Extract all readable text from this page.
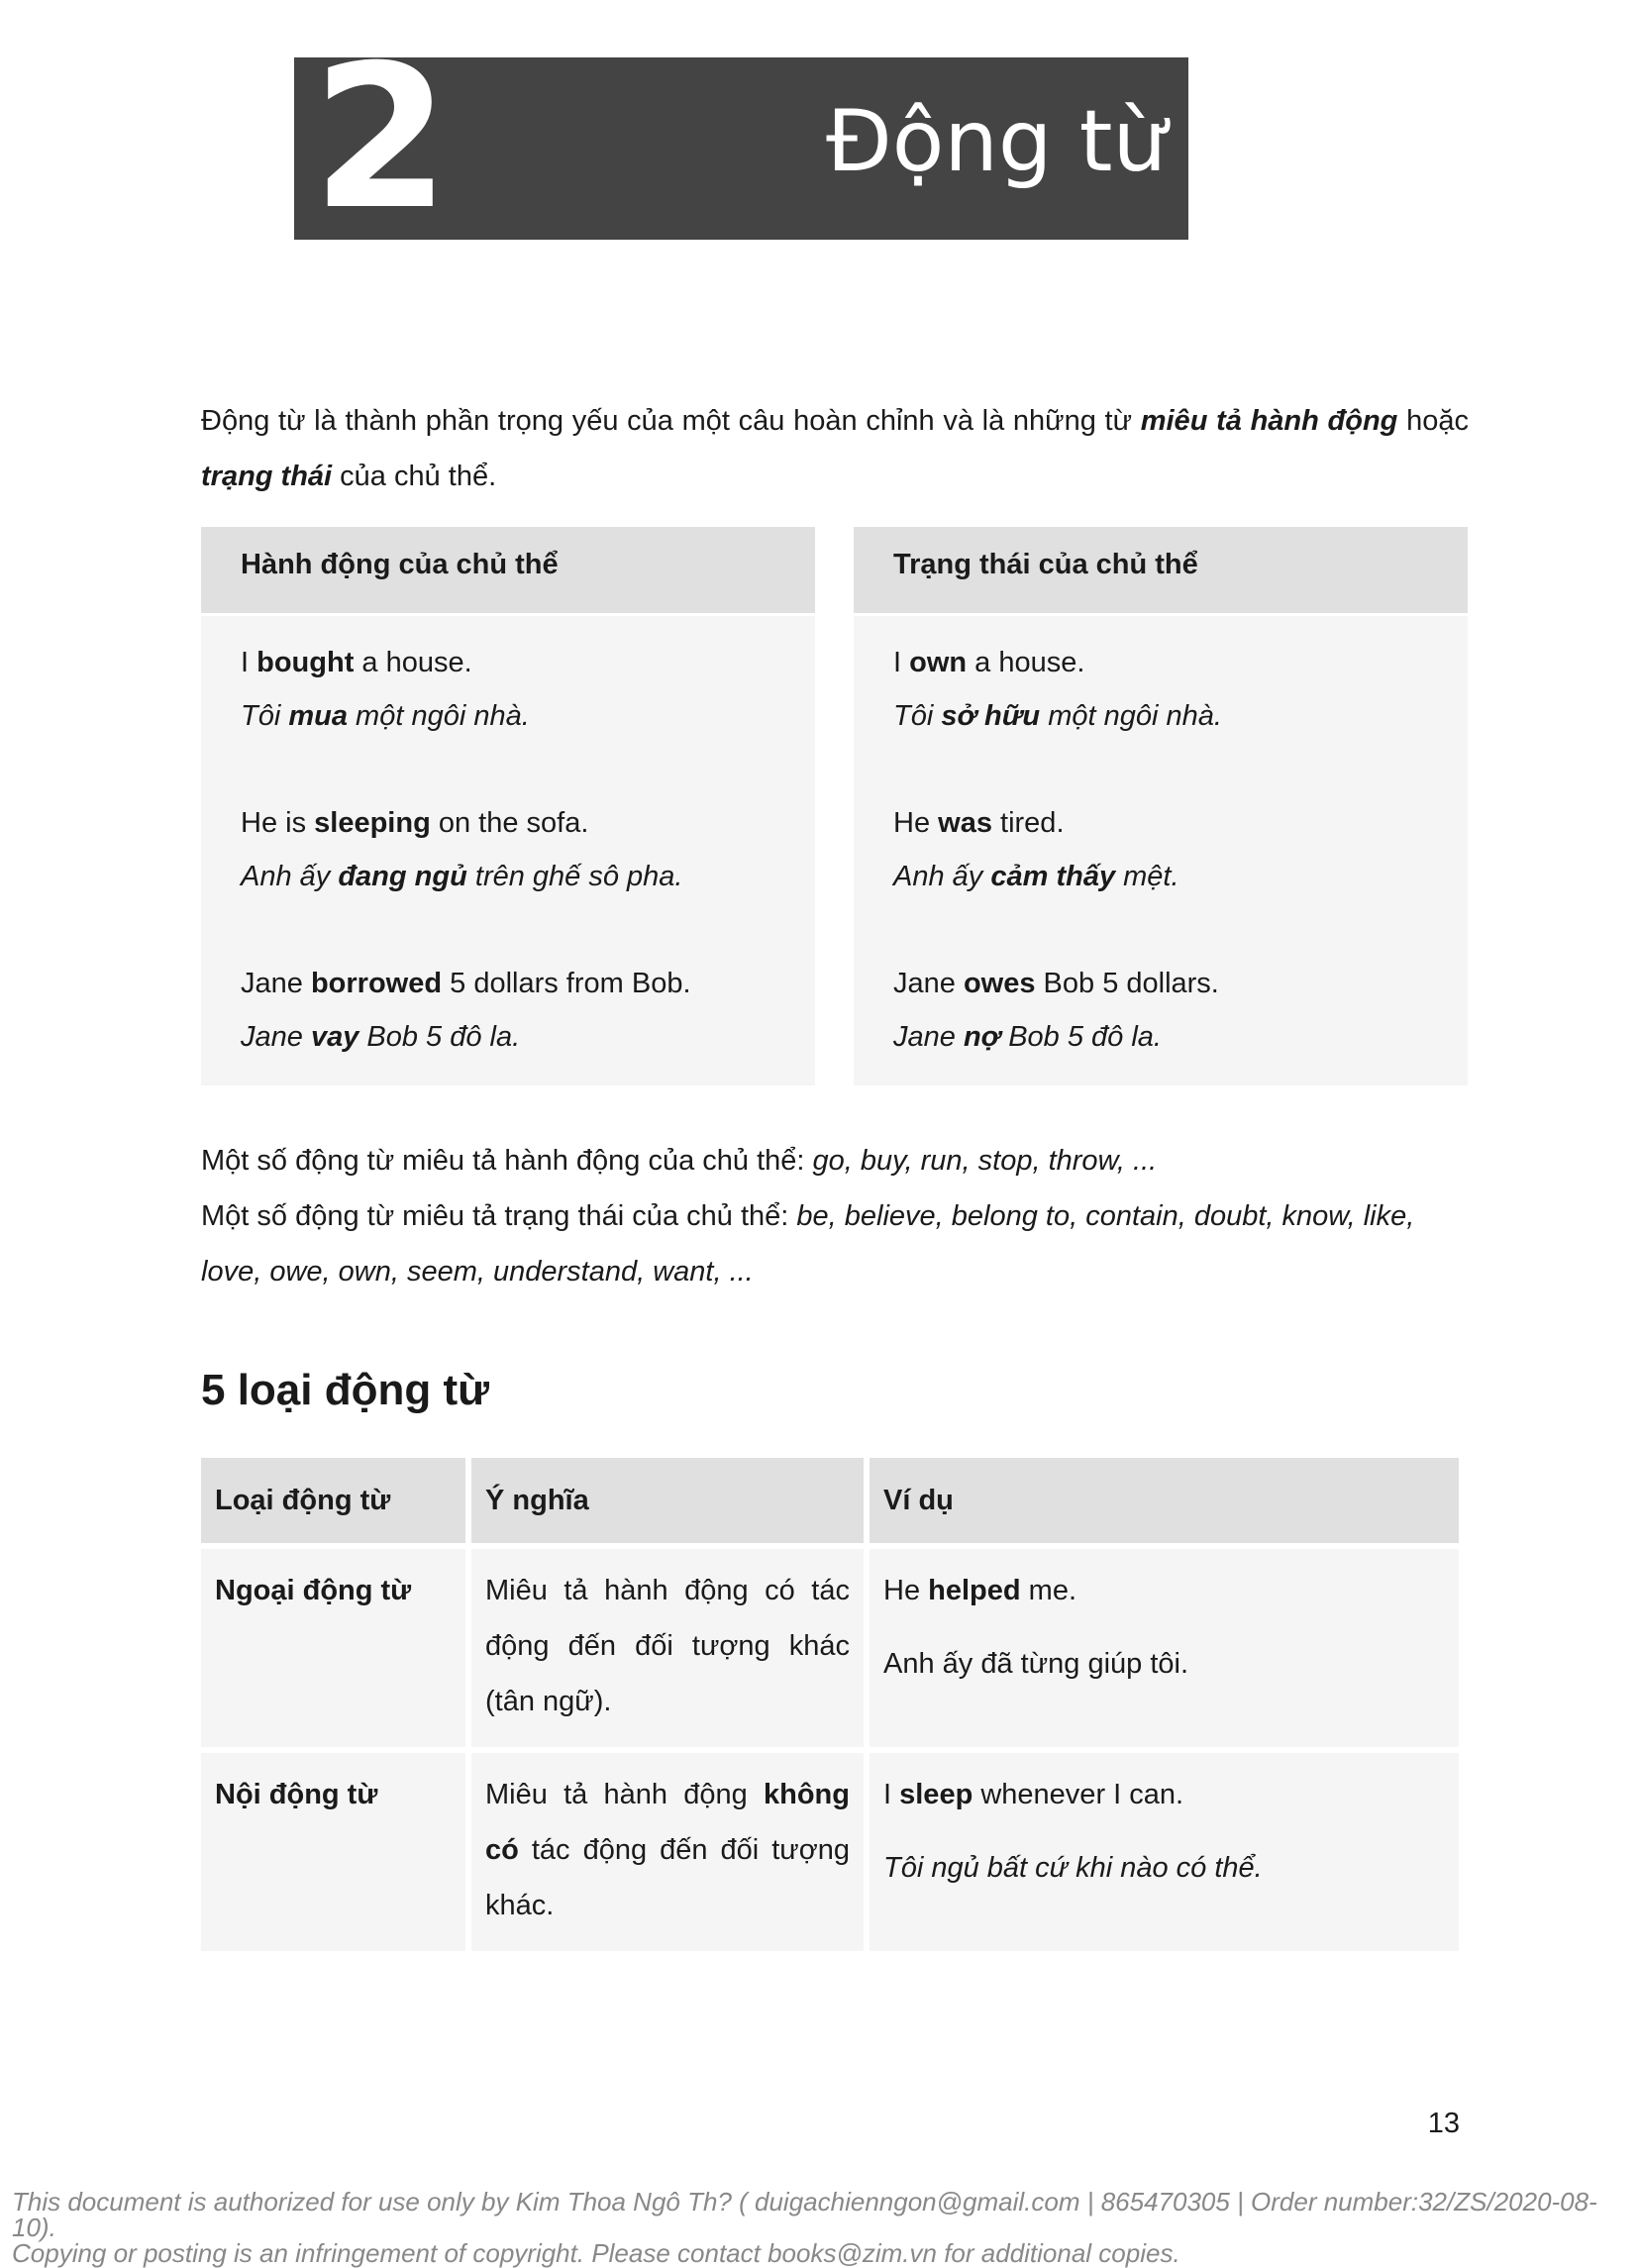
2	Động từ
Động từ là thành phần trọng yếu của một câu hoàn chỉnh và là những từ miêu tả hành động hoặc trạng thái của chủ thể.
Hành động của chủ thể
I bought a house.
Tôi mua một ngôi nhà.
He is sleeping on the sofa.
Anh ấy đang ngủ trên ghế sô pha.
Jane borrowed 5 dollars from Bob.
Jane vay Bob 5 đô la.
Trạng thái của chủ thể
I own a house.
Tôi sở hữu một ngôi nhà.
He was tired.
Anh ấy cảm thấy mệt.
Jane owes Bob 5 dollars.
Jane nợ Bob 5 đô la.
Một số động từ miêu tả hành động của chủ thể: go, buy, run, stop, throw, ...
Một số động từ miêu tả trạng thái của chủ thể: be, believe, belong to, contain, doubt, know, like, love, owe, own, seem, understand, want, ...
5 loại động từ
Loại động từ	Ý nghĩa	Ví dụ
Ngoại động từ	Miêu tả hành động có tác động đến đối tượng khác (tân ngữ).	He helped me.
Anh ấy đã từng giúp tôi.

Nội động từ	Miêu tả hành động không có tác động đến đối tượng khác.	I sleep whenever I can.
Tôi ngủ bất cứ khi nào có thể.
13
This document is authorized for use only by Kim Thoa Ngô Th? ( duigachienngon@gmail.com | 865470305 | Order number:32/ZS/2020-08-10).
Copying or posting is an infringement of copyright. Please contact books@zim.vn for additional copies.
